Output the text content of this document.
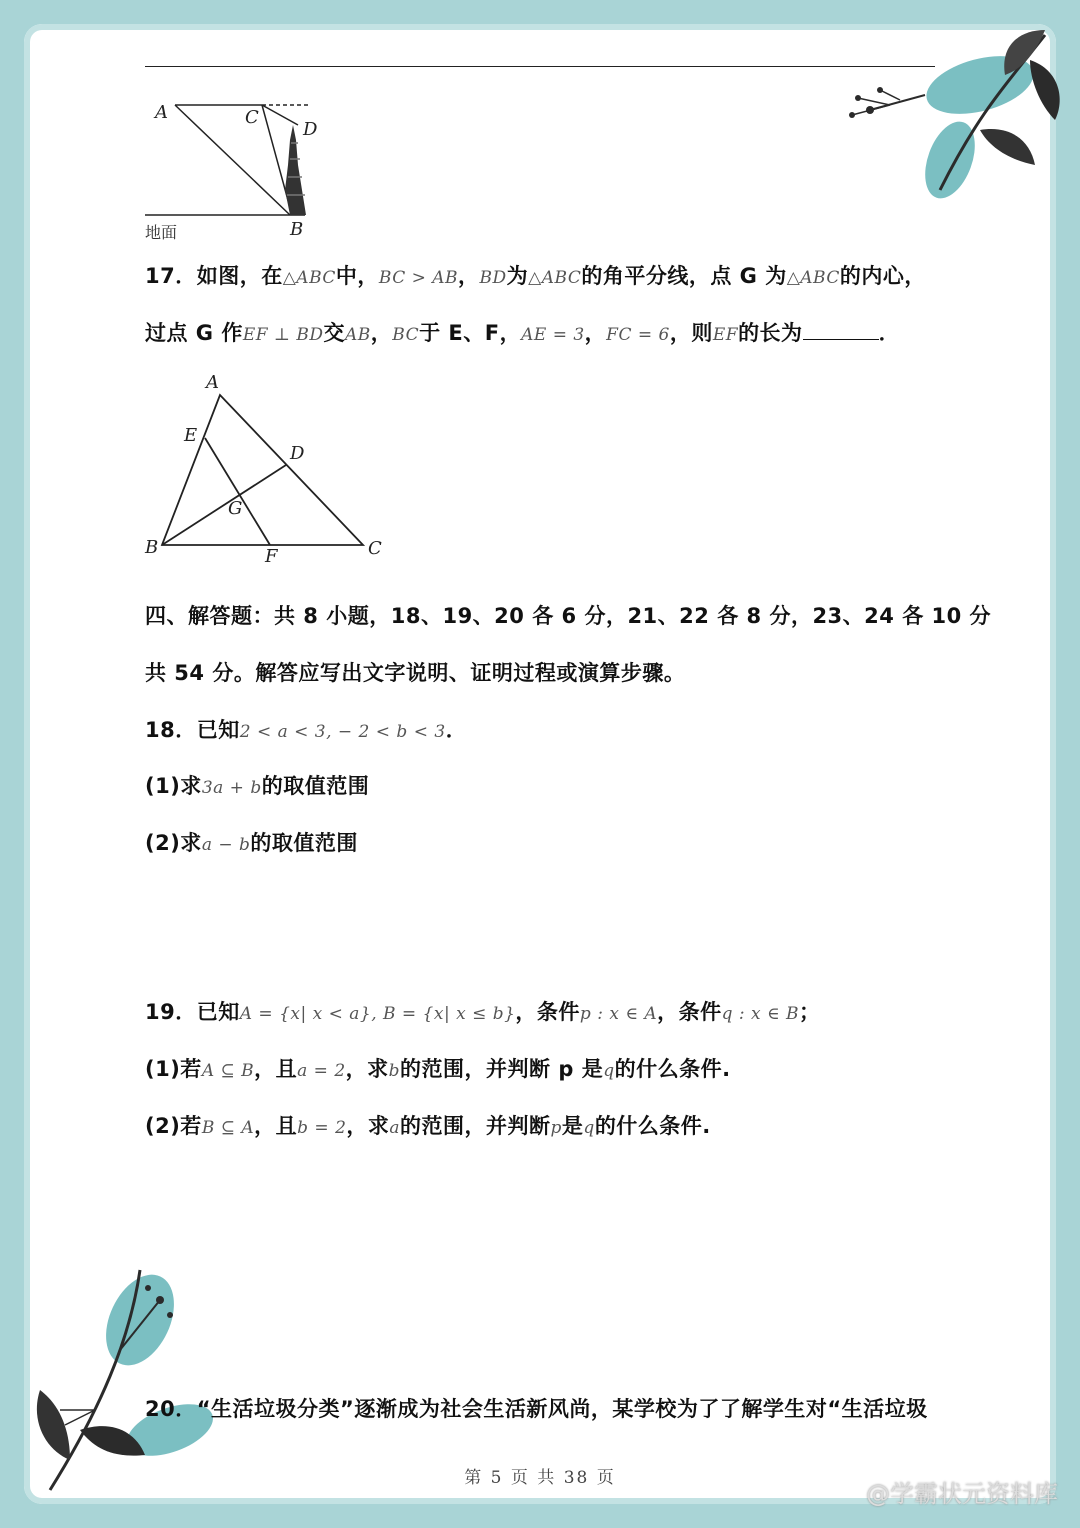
A	C
D
B
地面
17．如图，在△ABC中，BC > AB，BD为△ABC的角平分线，点 G 为△ABC的内心，
过点 G 作EF ⊥ BD交AB，BC于 E、F，AE = 3，FC = 6，则EF的长为	．
A
E
D
G
B	F	C
四、解答题：共 8 小题，18、19、20 各 6 分，21、22 各 8 分，23、24 各 10 分
共 54 分。解答应写出文字说明、证明过程或演算步骤。
18．已知2 < a < 3, − 2 < b < 3．
(1)求3a + b的取值范围
(2)求a − b的取值范围
19．已知A = {x| x < a}, B = {x| x ≤ b}，条件p : x ∈ A，条件q : x ∈ B；
(1)若A ⊆ B，且a = 2，求b的范围，并判断 p 是q的什么条件.
(2)若B ⊆ A，且b = 2，求a的范围，并判断p是q的什么条件.
20．“生活垃圾分类”逐渐成为社会生活新风尚，某学校为了了解学生对“生活垃圾
第 5 页 共 38 页
@学霸状元资料库
